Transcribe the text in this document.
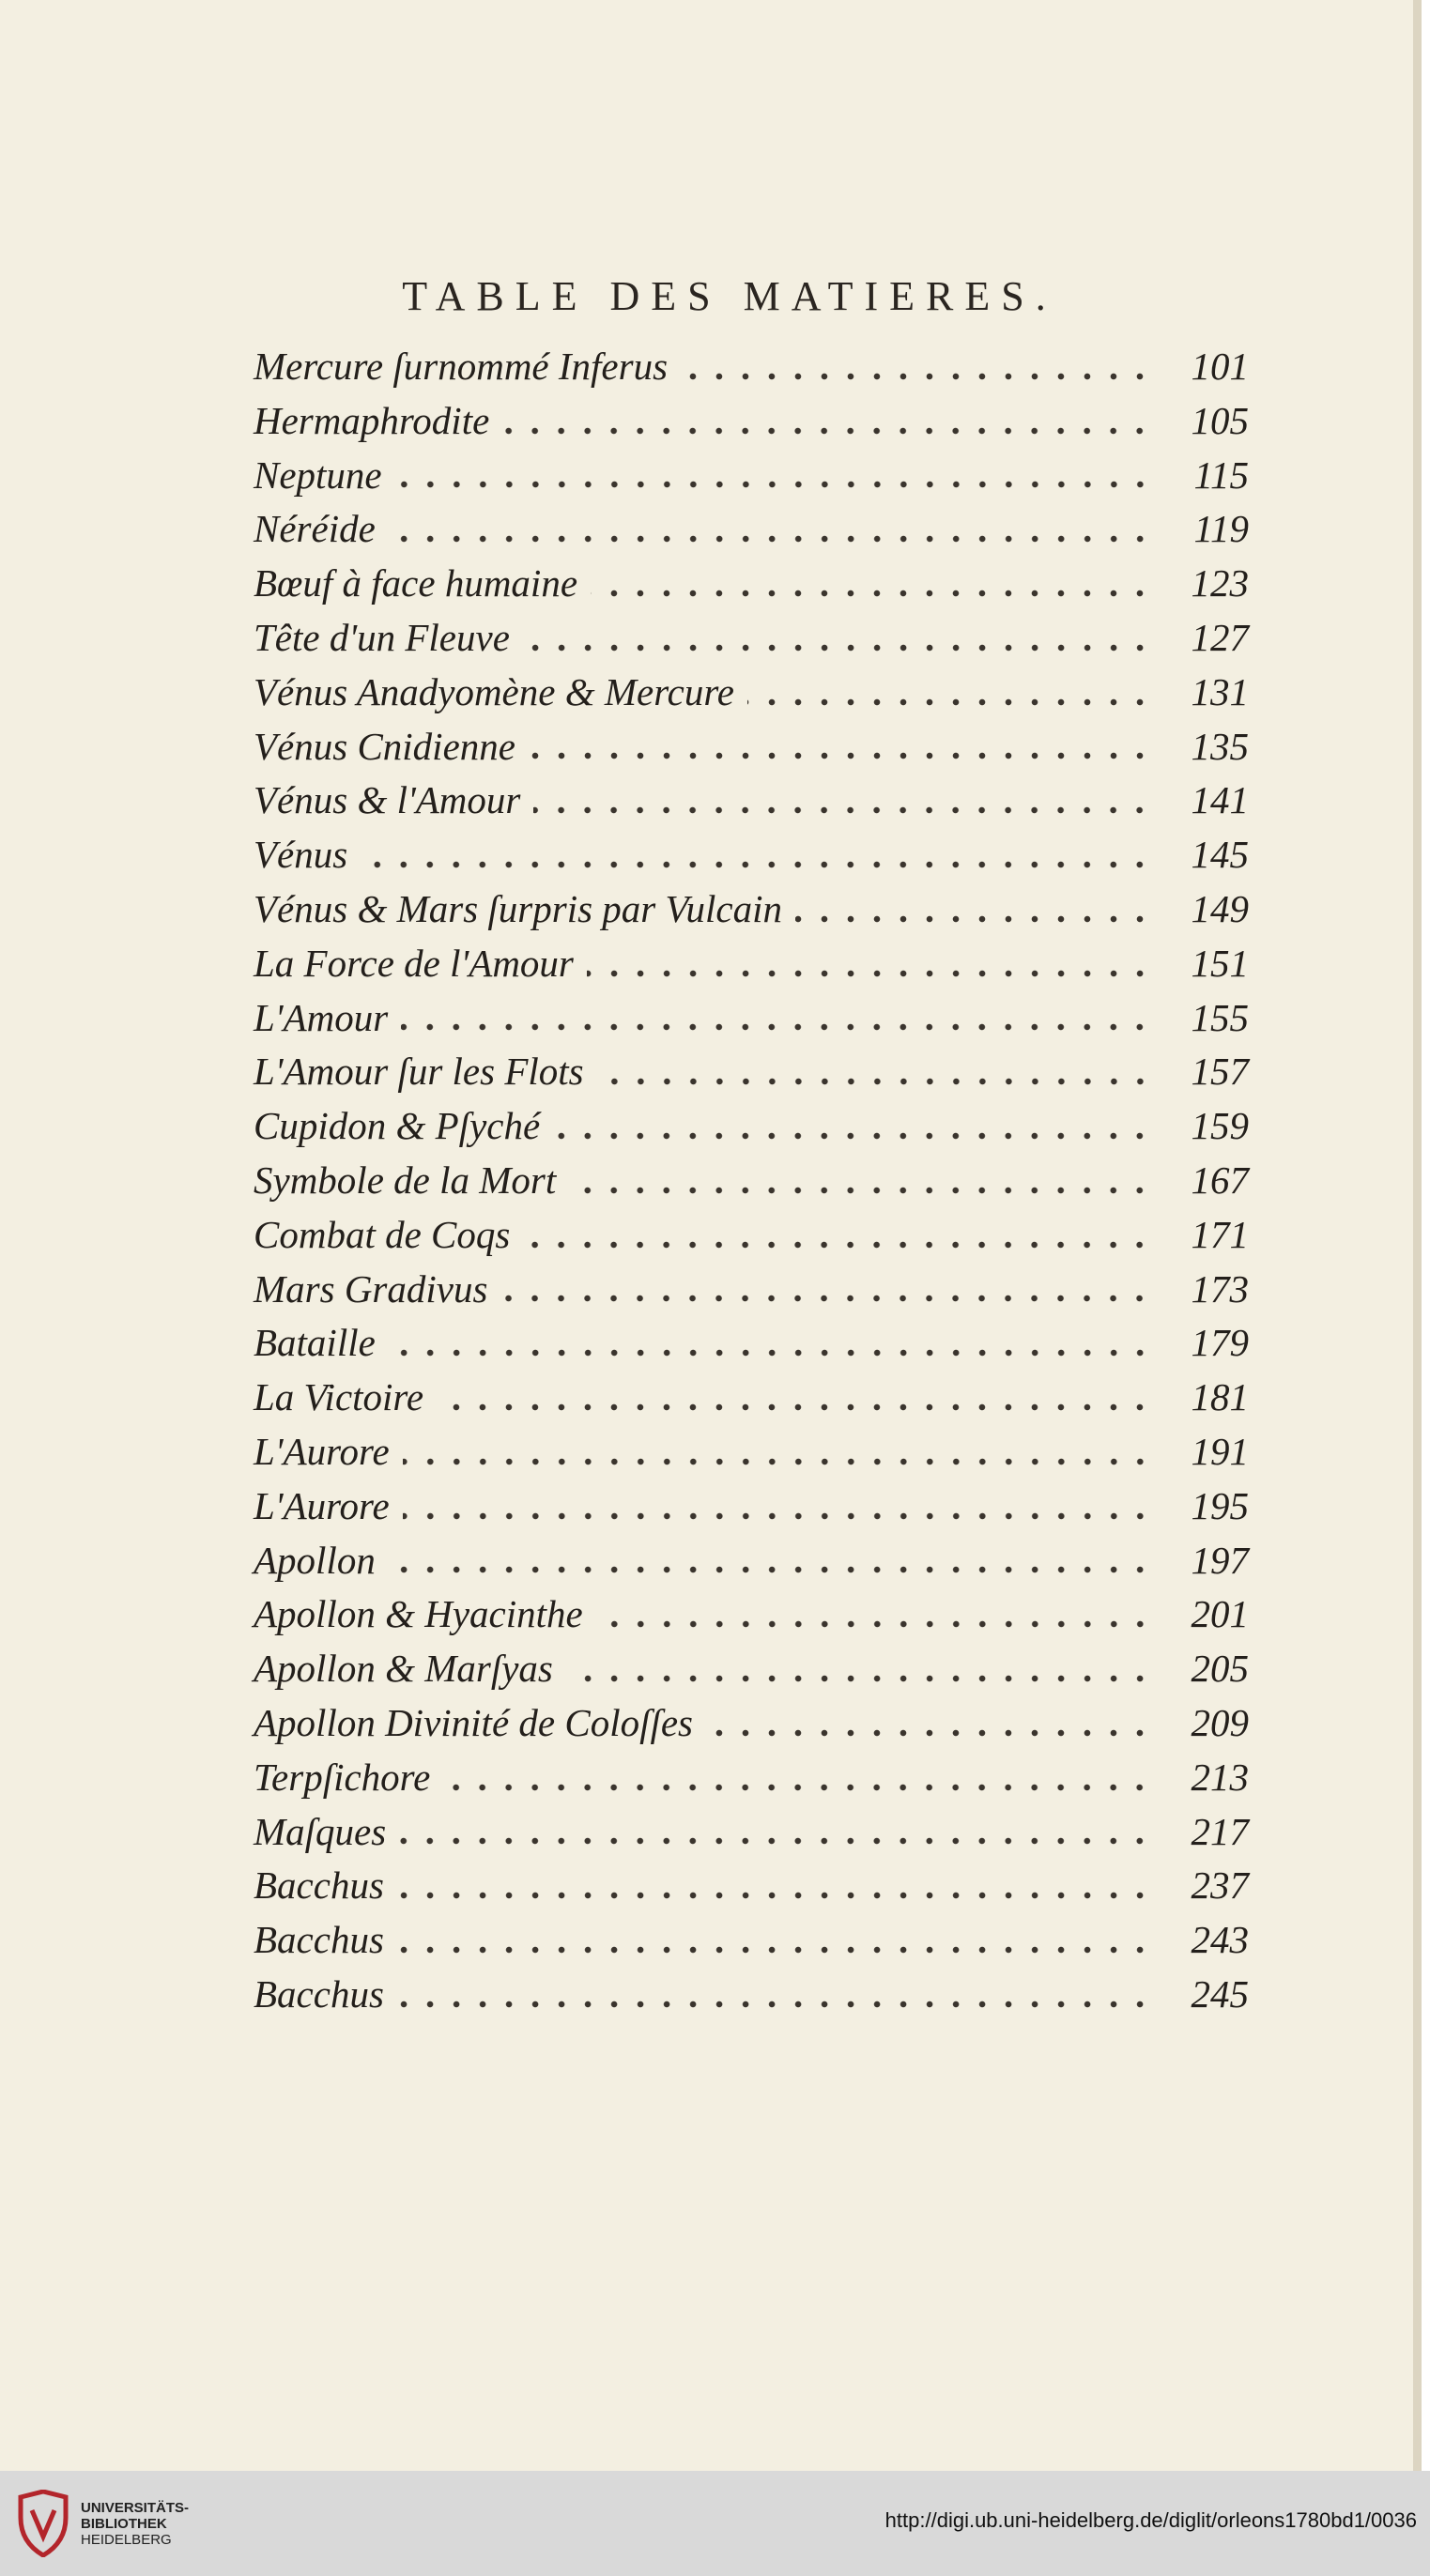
TABLE DES MATIERES.
Mercure ſurnommé Inferus	101
Hermaphrodite	105
Neptune	115
Néréide	119
Bœuf à face humaine	123
Tête d'un Fleuve	127
Vénus Anadyomène & Mercure	131
Vénus Cnidienne	135
Vénus & l'Amour	141
Vénus	145
Vénus & Mars ſurpris par Vulcain	149
La Force de l'Amour	151
L'Amour	155
L'Amour ſur les Flots	157
Cupidon & Pſyché	159
Symbole de la Mort	167
Combat de Coqs	171
Mars Gradivus	173
Bataille	179
La Victoire	181
L'Aurore	191
L'Aurore	195
Apollon	197
Apollon & Hyacinthe	201
Apollon & Marſyas	205
Apollon Divinité de Coloſſes	209
Terpſichore	213
Maſques	217
Bacchus	237
Bacchus	243
Bacchus	245
UNIVERSITÄTS-
BIBLIOTHEK
HEIDELBERG
http://digi.ub.uni-heidelberg.de/diglit/orleons1780bd1/0036
